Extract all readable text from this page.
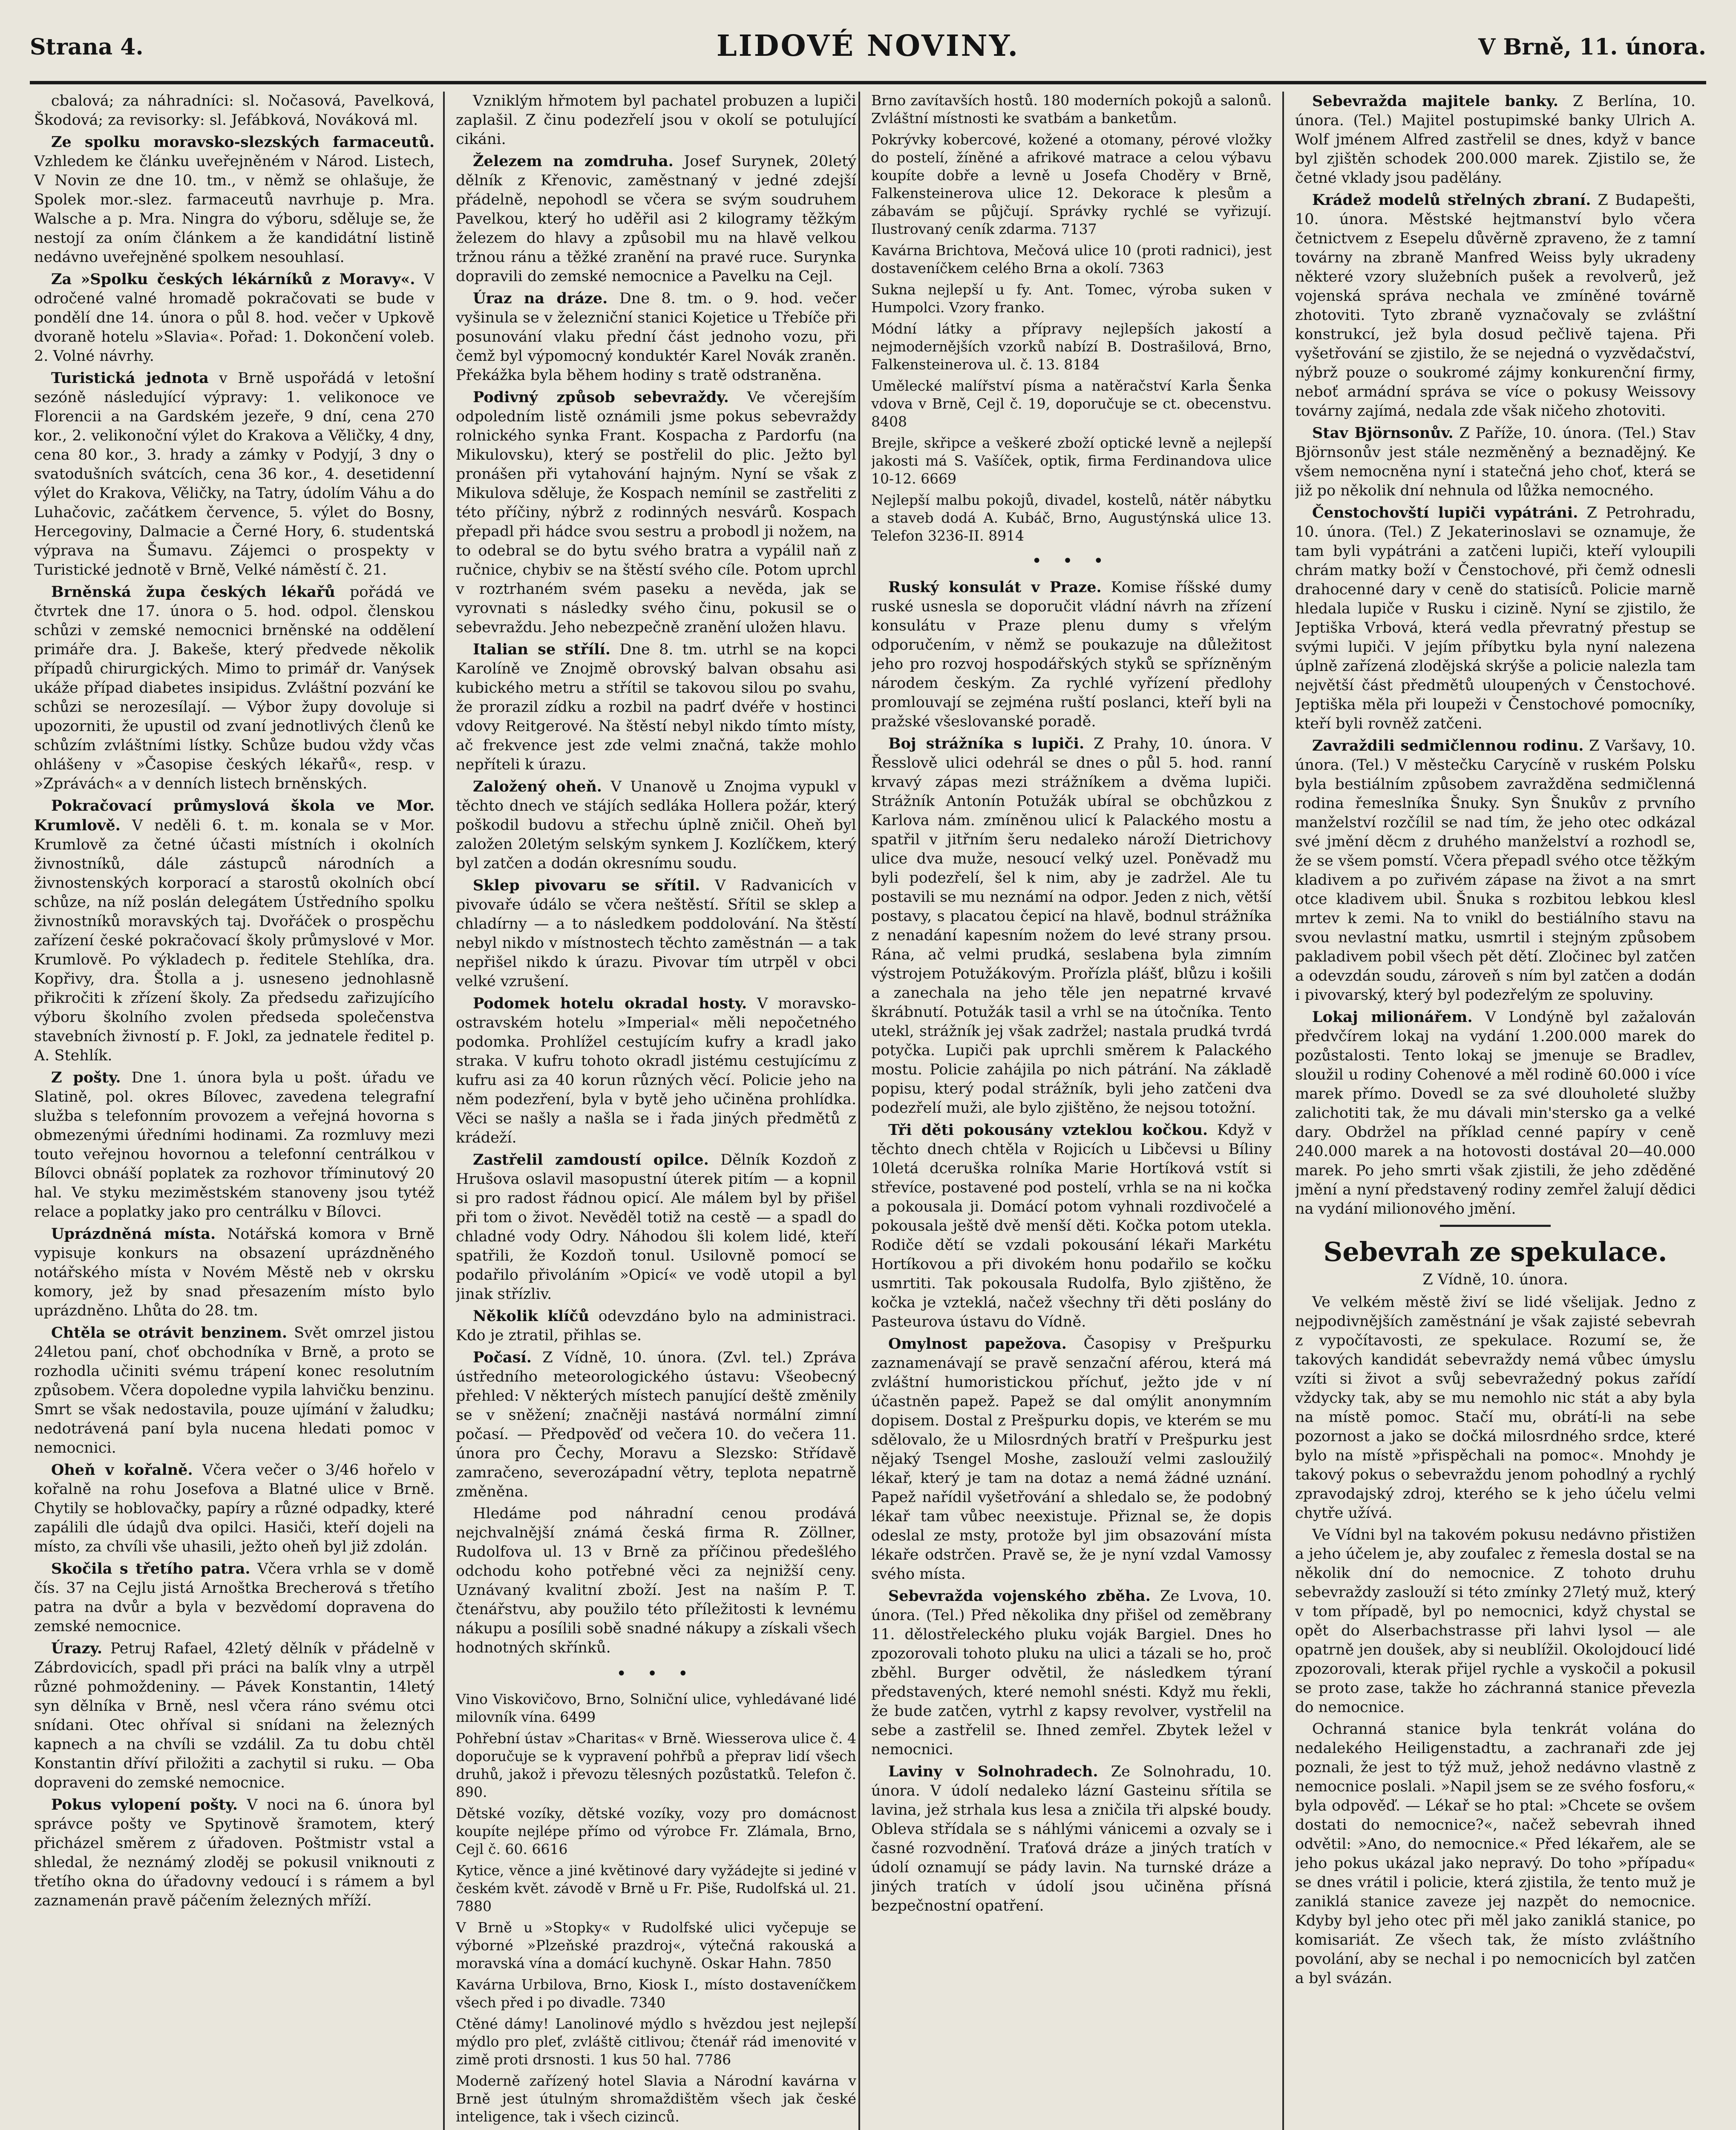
Strana 4.	LIDOVÉ NOVINY.	V Brně, 11. února.

cbalová; za náhradníci: sl. Nočasová, Pavelková, Škodová; za revisorky: sl. Jefábková, Nováková ml.

Ze spolku moravsko-slezských farmaceutů. Vzhledem ke článku uveřejněném v Národ. Listech, V Novin ze dne 10. tm., v němž se ohlašuje, že Spolek mor.-slez. farmaceutů navrhuje p. Mra. Walsche a p. Mra. Ningra do výboru, sděluje se, že nestojí za oním článkem a že kandidátní listině nedávno uveřejněné spolkem nesouhlasí.

Za »Spolku českých lékárníků z Moravy«. V odročené valné hromadě pokračovati se bude v pondělí dne 14. února o půl 8. hod. večer v Upkově dvoraně hotelu »Slavia«. Pořad: 1. Dokončení voleb. 2. Volné návrhy.

Turistická jednota v Brně uspořádá v letošní sezóně následující výpravy: 1. velikonoce ve Florencii a na Gardském jezeře, 9 dní, cena 270 kor., 2. velikonoční výlet do Krakova a Věličky, 4 dny, cena 80 kor., 3. hrady a zámky v Podyjí, 3 dny o svatodušních svátcích, cena 36 kor., 4. desetidenní výlet do Krakova, Věličky, na Tatry, údolím Váhu a do Luhačovic, začátkem července, 5. výlet do Bosny, Hercegoviny, Dalmacie a Černé Hory, 6. studentská výprava na Šumavu. Zájemci o prospekty v Turistické jednotě v Brně, Velké náměstí č. 21.

Brněnská župa českých lékařů pořádá ve čtvrtek dne 17. února o 5. hod. odpol. členskou schůzi v zemské nemocnici brněnské na oddělení primáře dra. J. Bakeše, který předvede několik případů chirurgických. Mimo to primář dr. Vanýsek ukáže případ diabetes insipidus. Zvláštní pozvání ke schůzi se nerozesílají. — Výbor župy dovoluje si upozorniti, že upustil od zvaní jednotlivých členů ke schůzím zvláštními lístky. Schůze budou vždy včas ohlášeny v »Časopise českých lékařů«, resp. v »Zprávách« a v denních listech brněnských.

Pokračovací průmyslová škola ve Mor. Krumlově. V neděli 6. t. m. konala se v Mor. Krumlově za četné účasti místních i okolních živnostníků, dále zástupců národních a živnostenských korporací a starostů okolních obcí schůze, na níž poslán delegátem Ústředního spolku živnostníků moravských taj. Dvořáček o prospěchu zařízení české pokračovací školy průmyslové v Mor. Krumlově. Po výkladech p. ředitele Stehlíka, dra. Kopřivy, dra. Štolla a j. usneseno jednohlasně přikročiti k zřízení školy. Za předsedu zařizujícího výboru školního zvolen předseda společenstva stavebních živností p. F. Jokl, za jednatele ředitel p. A. Stehlík.

Z pošty. Dne 1. února byla u pošt. úřadu ve Slatině, pol. okres Bílovec, zavedena telegrafní služba s telefonním provozem a veřejná hovorna s obmezenými úředními hodinami. Za rozmluvy mezi touto veřejnou hovornou a telefonní centrálkou v Bílovci obnáší poplatek za rozhovor tříminutový 20 hal. Ve styku meziměstském stanoveny jsou tytéž relace a poplatky jako pro centrálku v Bílovci.

Uprázdněná místa. Notářská komora v Brně vypisuje konkurs na obsazení uprázdněného notářského místa v Novém Městě neb v okrsku komory, jež by snad přesazením místo bylo uprázdněno. Lhůta do 28. tm.

Chtěla se otrávit benzinem. Svět omrzel jistou 24letou paní, choť obchodníka v Brně, a proto se rozhodla učiniti svému trápení konec resolutním způsobem. Včera dopoledne vypila lahvičku benzinu. Smrt se však nedostavila, pouze ujímání v žaludku; nedotrávená paní byla nucena hledati pomoc v nemocnici.

Oheň v kořalně. Včera večer o 3/46 hořelo v kořalně na rohu Josefova a Blatné ulice v Brně. Chytily se hoblovačky, papíry a různé odpadky, které zapálili dle údajů dva opilci. Hasiči, kteří dojeli na místo, za chvíli vše uhasili, ježto oheň byl již zdolán.

Skočila s třetího patra. Včera vrhla se v domě čís. 37 na Cejlu jistá Arnoštka Brecherová s třetího patra na dvůr a byla v bezvědomí dopravena do zemské nemocnice.

Úrazy. Petruj Rafael, 42letý dělník v přádelně v Zábrdovicích, spadl při práci na balík vlny a utrpěl různé pohmoždeniny. — Pávek Konstantin, 14letý syn dělníka v Brně, nesl včera ráno svému otci snídani. Otec ohříval si snídani na železných kapnech a na chvíli se vzdálil. Za tu dobu chtěl Konstantin dříví přiložiti a zachytil si ruku. — Oba dopraveni do zemské nemocnice.

Pokus vylopení pošty. V noci na 6. února byl správce pošty ve Spytinově šramotem, který přicházel směrem z úřadoven. Poštmistr vstal a shledal, že neznámý zloděj se pokusil vniknouti z třetího okna do úřadovny vedoucí i s rámem a byl zaznamenán pravě páčením železných mříží.

Vzniklým hřmotem byl pachatel probuzen a lupiči zaplašil. Z činu podezřelí jsou v okolí se potulující cikáni.

Železem na zomdruha. Josef Surynek, 20letý dělník z Křenovic, zaměstnaný v jedné zdejší přádelně, nepohodl se včera se svým soudruhem Pavelkou, který ho uděřil asi 2 kilogramy těžkým železem do hlavy a způsobil mu na hlavě velkou tržnou ránu a těžké zranění na pravé ruce. Surynka dopravili do zemské nemocnice a Pavelku na Cejl.

Úraz na dráze. Dne 8. tm. o 9. hod. večer vyšinula se v železniční stanici Kojetice u Třebíče při posunování vlaku přední část jednoho vozu, při čemž byl výpomocný konduktér Karel Novák zraněn. Překážka byla během hodiny s tratě odstraněna.

Podivný způsob sebevraždy. Ve včerejším odpoledním listě oznámili jsme pokus sebevraždy rolnického synka Frant. Kospacha z Pardorfu (na Mikulovsku), který se postřelil do plic. Ježto byl pronášen při vytahování hajným. Nyní se však z Mikulova sděluje, že Kospach nemínil se zastřeliti z této příčiny, nýbrž z rodinných nesvárů. Kospach přepadl při hádce svou sestru a probodl ji nožem, na to odebral se do bytu svého bratra a vypálil naň z ručnice, chybiv se na štěstí svého cíle. Potom uprchl v roztrhaném svém paseku a nevěda, jak se vyrovnati s následky svého činu, pokusil se o sebevraždu. Jeho nebezpečně zranění uložen hlavu.

Italian se střílí. Dne 8. tm. utrhl se na kopci Karolíně ve Znojmě obrovský balvan obsahu asi kubického metru a střítil se takovou silou po svahu, že prorazil zídku a rozbil na padrť dvéře v hostinci vdovy Reitgerové. Na štěstí nebyl nikdo tímto místy, ač frekvence jest zde velmi značná, takže mohlo nepříteli k úrazu.

Založený oheň. V Unanově u Znojma vypukl v těchto dnech ve stájích sedláka Hollera požár, který poškodil budovu a střechu úplně zničil. Oheň byl založen 20letým selským synkem J. Kozlíčkem, který byl zatčen a dodán okresnímu soudu.

Sklep pivovaru se sřítil. V Radvanicích v pivovaře údálo se včera neštěstí. Sřítil se sklep a chladírny — a to následkem poddolování. Na štěstí nebyl nikdo v místnostech těchto zaměstnán — a tak nepřišel nikdo k úrazu. Pivovar tím utrpěl v obci velké vzrušení.

Podomek hotelu okradal hosty. V moravsko-ostravském hotelu »Imperial« měli nepočetného podomka. Prohlížel cestujícím kufry a kradl jako straka. V kufru tohoto okradl jistému cestujícímu z kufru asi za 40 korun různých věcí. Policie jeho na něm podezření, byla v bytě jeho učiněna prohlídka. Věci se našly a našla se i řada jiných předmětů z krádeží.

Zastřelil zamdoustí opilce. Dělník Kozdoň z Hrušova oslavil masopustní úterek pitím — a kopnil si pro radost řádnou opicí. Ale málem byl by přišel při tom o život. Nevěděl totiž na cestě — a spadl do chladné vody Odry. Náhodou šli kolem lidé, kteří spatřili, že Kozdoň tonul. Usilovně pomocí se podařilo přivoláním »Opicí« ve vodě utopil a byl jinak střízliv.

Několik klíčů odevzdáno bylo na administraci. Kdo je ztratil, přihlas se.

Počasí. Z Vídně, 10. února. (Zvl. tel.) Zpráva ústředního meteorologického ústavu: Všeobecný přehled: V některých místech panující deště změnily se v sněžení; značněji nastává normální zimní počasí. — Předpověď od večera 10. do večera 11. února pro Čechy, Moravu a Slezsko: Střídavě zamračeno, severozápadní větry, teplota nepatrně změněna.

Hledáme pod náhradní cenou prodává nejchvalnější známá česká firma R. Zöllner, Rudolfova ul. 13 v Brně za příčinou předešlého odchodu koho potřebné věci za nejnižší ceny. Uznávaný kvalitní zboží. Jest na naším P. T. čtenářstvu, aby použilo této příležitosti k levnému nákupu a posílili sobě snadné nákupy a získali všech hodnotných skřínků.

• • •

Vino Viskovičovo, Brno, Solniční ulice, vyhledávané lidé milovník vína. 6499

Pohřební ústav »Charitas« v Brně. Wiesserova ulice č. 4 doporučuje se k vypravení pohřbů a přeprav lidí všech druhů, jakož i převozu tělesných pozůstatků. Telefon č. 890.

Dětské vozíky, dětské vozíky, vozy pro domácnost koupíte nejlépe přímo od výrobce Fr. Zlámala, Brno, Cejl č. 60. 6616

Kytice, věnce a jiné květinové dary vyžádejte si jediné v českém květ. závodě v Brně u Fr. Piše, Rudolfská ul. 21. 7880

V Brně u »Stopky« v Rudolfské ulici vyčepuje se výborné »Plzeňské prazdroj«, výtečná rakouská a moravská vína a domácí kuchyně. Oskar Hahn. 7850

Kavárna Urbilova, Brno, Kiosk I., místo dostaveníčkem všech před i po divadle. 7340

Ctěné dámy! Lanolinové mýdlo s hvězdou jest nejlepší mýdlo pro pleť, zvláště citlivou; čtenář rád imenovité v zimě proti drsnosti. 1 kus 50 hal. 7786

Moderně zařízený hotel Slavia a Národní kavárna v Brně jest útulným shromaždištěm všech jak české inteligence, tak i všech cizinců.

Brno zavítavších hostů. 180 moderních pokojů a salonů. Zvláštní místnosti ke svatbám a banketům.

Pokrývky kobercové, kožené a otomany, pérové vložky do postelí, žíněné a afrikové matrace a celou výbavu koupíte dobře a levně u Josefa Choděry v Brně, Falkensteinerova ulice 12. Dekorace k plesům a zábavám se půjčují. Správky rychlé se vyřizují. Ilustrovaný ceník zdarma. 7137

Kavárna Brichtova, Mečová ulice 10 (proti radnici), jest dostaveníčkem celého Brna a okolí. 7363

Sukna nejlepší u fy. Ant. Tomec, výroba suken v Humpolci. Vzory franko.

Módní látky a přípravy nejlepších jakostí a nejmodernějších vzorků nabízí B. Dostrašilová, Brno, Falkensteinerova ul. č. 13. 8184

Umělecké malířství písma a natěračství Karla Šenka vdova v Brně, Cejl č. 19, doporučuje se ct. obecenstvu. 8408

Brejle, skřipce a veškeré zboží optické levně a nejlepší jakosti má S. Vašíček, optik, firma Ferdinandova ulice 10-12. 6669

Nejlepší malbu pokojů, divadel, kostelů, nátěr nábytku a staveb dodá A. Kubáč, Brno, Augustýnská ulice 13. Telefon 3236-II. 8914

• • •

Ruský konsulát v Praze. Komise říšské dumy ruské usnesla se doporučit vládní návrh na zřízení konsulátu v Praze plenu dumy s vřelým odporučením, v němž se poukazuje na důležitost jeho pro rozvoj hospodářských styků se spřízněným národem českým. Za rychlé vyřízení předlohy promlouvají se zejména ruští poslanci, kteří byli na pražské všeslovanské poradě.

Boj strážníka s lupiči. Z Prahy, 10. února. V Řesslově ulici odehrál se dnes o půl 5. hod. ranní krvavý zápas mezi strážníkem a dvěma lupiči. Strážník Antonín Potužák ubíral se obchůzkou z Karlova nám. zmíněnou ulicí k Palackého mostu a spatřil v jitřním šeru nedaleko nároží Dietrichovy ulice dva muže, nesoucí velký uzel. Poněvadž mu byli podezřelí, šel k nim, aby je zadržel. Ale tu postavili se mu neznámí na odpor. Jeden z nich, větší postavy, s placatou čepicí na hlavě, bodnul strážníka z nenadání kapesním nožem do levé strany prsou. Rána, ač velmi prudká, seslabena byla zimním výstrojem Potužákovým. Prořízla plášť, blůzu i košili a zanechala na jeho těle jen nepatrné krvavé škrábnutí. Potužák tasil a vrhl se na útočníka. Tento utekl, strážník jej však zadržel; nastala prudká tvrdá potyčka. Lupiči pak uprchli směrem k Palackého mostu. Policie zahájila po nich pátrání. Na základě popisu, který podal strážník, byli jeho zatčeni dva podezřelí muži, ale bylo zjištěno, že nejsou totožní.

Tři děti pokousány vzteklou kočkou. Když v těchto dnech chtěla v Rojicích u Libčevsi u Bíliny 10letá dceruška rolníka Marie Hortíková vstít si střevíce, postavené pod postelí, vrhla se na ni kočka a pokousala ji. Domácí potom vyhnali rozdivočelé a pokousala ještě dvě menší děti. Kočka potom utekla. Rodiče dětí se vzdali pokousání lékaři Markétu Hortíkovou a při divokém honu podařilo se kočku usmrtiti. Tak pokousala Rudolfa, Bylo zjištěno, že kočka je vzteklá, načež všechny tři děti poslány do Pasteurova ústavu do Vídně.

Omylnost papežova. Časopisy v Prešpurku zaznamenávají se pravě senzační aférou, která má zvláštní humoristickou příchuť, ježto jde v ní účastněn papež. Papež se dal omýlit anonymním dopisem. Dostal z Prešpurku dopis, ve kterém se mu sdělovalo, že u Milosrdných bratří v Prešpurku jest nějaký Tsengel Moshe, zaslouží velmi zasloužilý lékař, který je tam na dotaz a nemá žádné uznání. Papež nařídil vyšetřování a shledalo se, že podobný lékař tam vůbec neexistuje. Přiznal se, že dopis odeslal ze msty, protože byl jim obsazování místa lékaře odstrčen. Pravě se, že je nyní vzdal Vamossy svého místa.

Sebevražda vojenského zběha. Ze Lvova, 10. února. (Tel.) Před několika dny přišel od zeměbrany 11. dělostřeleckého pluku voják Bargiel. Dnes ho zpozorovali tohoto pluku na ulici a tázali se ho, proč zběhl. Burger odvětil, že následkem týraní představených, které nemohl snésti. Když mu řekli, že bude zatčen, vytrhl z kapsy revolver, vystřelil na sebe a zastřelil se. Ihned zemřel. Zbytek ležel v nemocnici.

Laviny v Solnohradech. Ze Solnohradu, 10. února. V údolí nedaleko lázní Gasteinu sřítila se lavina, jež strhala kus lesa a zničila tři alpské boudy. Obleva střídala se s náhlými vánicemi a ozvaly se i časné rozvodnění. Traťová dráze a jiných tratích v údolí oznamují se pády lavin. Na turnské dráze a jiných tratích v údolí jsou učiněna přísná bezpečnostní opatření.

Sebevražda majitele banky. Z Berlína, 10. února. (Tel.) Majitel postupimské banky Ulrich A. Wolf jménem Alfred zastřelil se dnes, když v bance byl zjištěn schodek 200.000 marek. Zjistilo se, že četné vklady jsou padělány.

Krádež modelů střelných zbraní. Z Budapešti, 10. února. Městské hejtmanství bylo včera četnictvem z Esepelu důvěrně zpraveno, že z tamní továrny na zbraně Manfred Weiss byly ukradeny některé vzory služebních pušek a revolverů, jež vojenská správa nechala ve zmíněné továrně zhotoviti. Tyto zbraně vyznačovaly se zvláštní konstrukcí, jež byla dosud pečlivě tajena. Při vyšetřování se zjistilo, že se nejedná o vyzvědačství, nýbrž pouze o soukromé zájmy konkurenční firmy, neboť armádní správa se více o pokusy Weissovy továrny zajímá, nedala zde však ničeho zhotoviti.

Stav Björnsonův. Z Paříže, 10. února. (Tel.) Stav Björnsonův jest stále nezměněný a beznadějný. Ke všem nemocněna nyní i statečná jeho choť, která se již po několik dní nehnula od lůžka nemocného.

Čenstochovští lupiči vypátráni. Z Petrohradu, 10. února. (Tel.) Z Jekaterinoslavi se oznamuje, že tam byli vypátráni a zatčeni lupiči, kteří vyloupili chrám matky boží v Čenstochové, při čemž odnesli drahocenné dary v ceně do statisíců. Policie marně hledala lupiče v Rusku i cizině. Nyní se zjistilo, že Jeptiška Vrbová, která vedla převratný přestup se svými lupiči. V jejím příbytku byla nyní nalezena úplně zařízená zlodějská skrýše a policie nalezla tam největší část předmětů uloupených v Čenstochové. Jeptiška měla při loupeži v Čenstochové pomocníky, kteří byli rovněž zatčeni.

Zavraždili sedmičlennou rodinu. Z Varšavy, 10. února. (Tel.) V městečku Carycíně v ruském Polsku byla bestiálním způsobem zavražděna sedmičlenná rodina řemeslníka Šnuky. Syn Šnukův z prvního manželství rozčílil se nad tím, že jeho otec odkázal své jmění děcm z druhého manželství a rozhodl se, že se všem pomstí. Včera přepadl svého otce těžkým kladivem a po zuřivém zápase na život a na smrt otce kladivem ubil. Šnuka s rozbitou lebkou klesl mrtev k zemi. Na to vnikl do bestiálního stavu na svou nevlastní matku, usmrtil i stejným způsobem pakladivem pobil všech pět dětí. Zločinec byl zatčen a odevzdán soudu, zároveň s ním byl zatčen a dodán i pivovarský, který byl podezřelým ze spoluviny.

Lokaj milionářem. V Londýně byl zažalován předvčírem lokaj na vydání 1.200.000 marek do pozůstalosti. Tento lokaj se jmenuje se Bradlev, sloužil u rodiny Cohenové a měl rodině 60.000 i více marek přímo. Dovedl se za své dlouholeté služby zalichotiti tak, že mu dávali min'stersko ga a velké dary. Obdržel na příklad cenné papíry v ceně 240.000 marek a na hotovosti dostával 20—40.000 marek. Po jeho smrti však zjistili, že jeho zděděné jmění a nyní představený rodiny zemřel žalují dědici na vydání milionového jmění.

Sebevrah ze spekulace.
Z Vídně, 10. února.

Ve velkém městě živí se lidé všelijak. Jedno z nejpodivnějších zaměstnání je však zajisté sebevrah z vypočítavosti, ze spekulace. Rozumí se, že takových kandidát sebevraždy nemá vůbec úmyslu vzíti si život a svůj sebevražedný pokus zařídí vždycky tak, aby se mu nemohlo nic stát a aby byla na místě pomoc. Stačí mu, obrátí-li na sebe pozornost a jako se dočká milosrdného srdce, které bylo na místě »přispěchali na pomoc«. Mnohdy je takový pokus o sebevraždu jenom pohodlný a rychlý zpravodajský zdroj, kterého se k jeho účelu velmi chytře užívá.

Ve Vídni byl na takovém pokusu nedávno přistižen a jeho účelem je, aby zoufalec z řemesla dostal se na několik dní do nemocnice. Z tohoto druhu sebevraždy zaslouží si této zmínky 27letý muž, který v tom případě, byl po nemocnici, když chystal se opět do Alserbachstrasse při lahvi lysol — ale opatrně jen doušek, aby si neublížil. Okolojdoucí lidé zpozorovali, kterak přijel rychle a vyskočil a pokusil se proto zase, takže ho záchranná stanice převezla do nemocnice.

Ochranná stanice byla tenkrát volána do nedalekého Heiligenstadtu, a zachranaři zde jej poznali, že jest to týž muž, jehož nedávno vlastně z nemocnice poslali. »Napil jsem se ze svého fosforu,« byla odpověď. — Lékař se ho ptal: »Chcete se ovšem dostati do nemocnice?«, načež sebevrah ihned odvětil: »Ano, do nemocnice.« Před lékařem, ale se jeho pokus ukázal jako nepravý. Do toho »případu« se dnes vrátil i policie, která zjistila, že tento muž je zaniklá stanice zaveze jej nazpět do nemocnice. Kdyby byl jeho otec při měl jako zaniklá stanice, po komisariát. Ze všech tak, že místo zvláštního povolání, aby se nechal i po nemocnicích byl zatčen a byl svázán.
